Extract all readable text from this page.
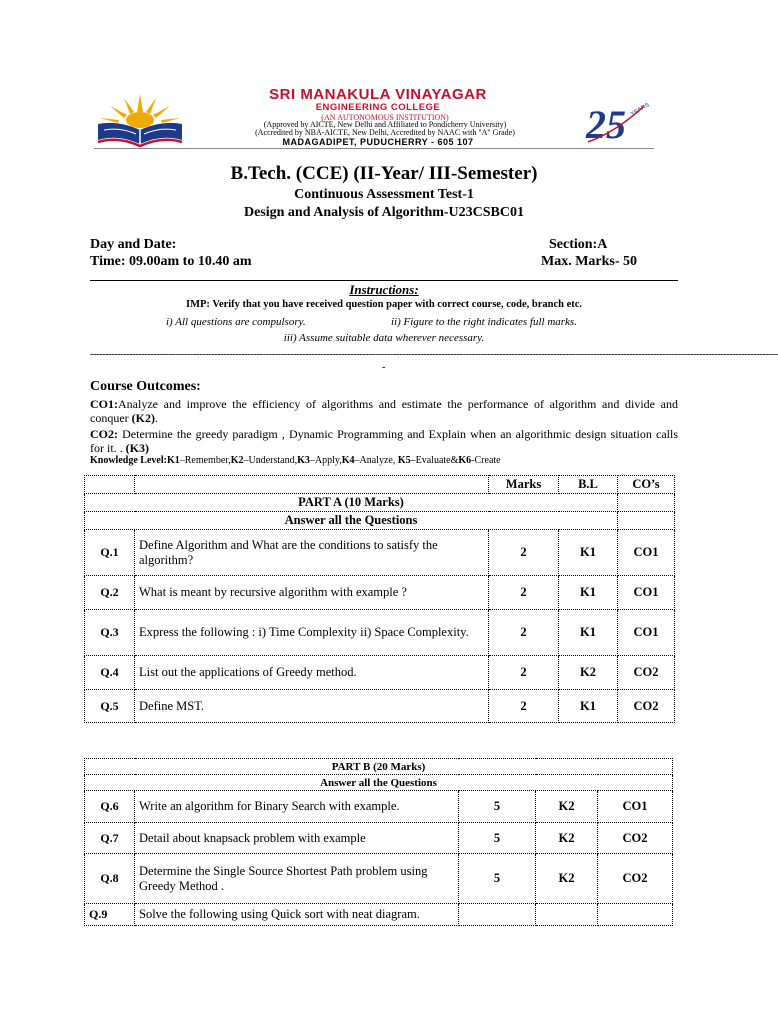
SRI MANAKULA VINAYAGAR
ENGINEERING COLLEGE
(AN AUTONOMOUS INSTITUTION)
(Approved by AICTE, New Delhi and Affiliated to Pondicherry University)
(Accredited by NBA-AICTE, New Delhi, Accredited by NAAC with "A" Grade)
MADAGADIPET, PUDUCHERRY - 605 107	25 YEARS
B.Tech. (CCE) (II-Year/ III-Semester)
Continuous Assessment Test-1
Design and Analysis of Algorithm-U23CSBC01
Day and Date:	Section:A
Time: 09.00am to 10.40 am	Max. Marks- 50
Instructions:
IMP: Verify that you have received question paper with correct course, code, branch etc.
i) All questions are compulsory.	ii) Figure to the right indicates full marks.
iii) Assume suitable data wherever necessary.
-----------------------------------------------------------------------------------------------------------------------------------------------------------------------------------------------------------------------------------
-
Course Outcomes:
CO1:Analyze and improve the efficiency of algorithms and estimate the performance of algorithm and divide and conquer (K2).
CO2: Determine the greedy paradigm , Dynamic Programming and Explain when an algorithmic design situation calls for it. . (K3)
Knowledge Level:K1–Remember,K2–Understand,K3–Apply,K4–Analyze, K5–Evaluate&K6-Create
		Marks	B.L	CO’s
PART A (10 Marks)				
Answer all the Questions				
Q.1	Define Algorithm and What are the conditions to satisfy the algorithm?	2	K1	CO1
Q.2	What is meant by recursive algorithm with example ?	2	K1	CO1
Q.3	Express the following : i) Time Complexity ii) Space Complexity.	2	K1	CO1
Q.4	List out the applications of Greedy method.	2	K2	CO2
Q.5	Define MST.	2	K1	CO2
PART B (20 Marks)				
Answer all the Questions				
Q.6	Write an algorithm for Binary Search with example.	5	K2	CO1
Q.7	Detail about knapsack problem with example	5	K2	CO2
Q.8	Determine the Single Source Shortest Path problem using Greedy Method .	5	K2	CO2
Q.9	Solve the following using Quick sort with neat diagram.			
